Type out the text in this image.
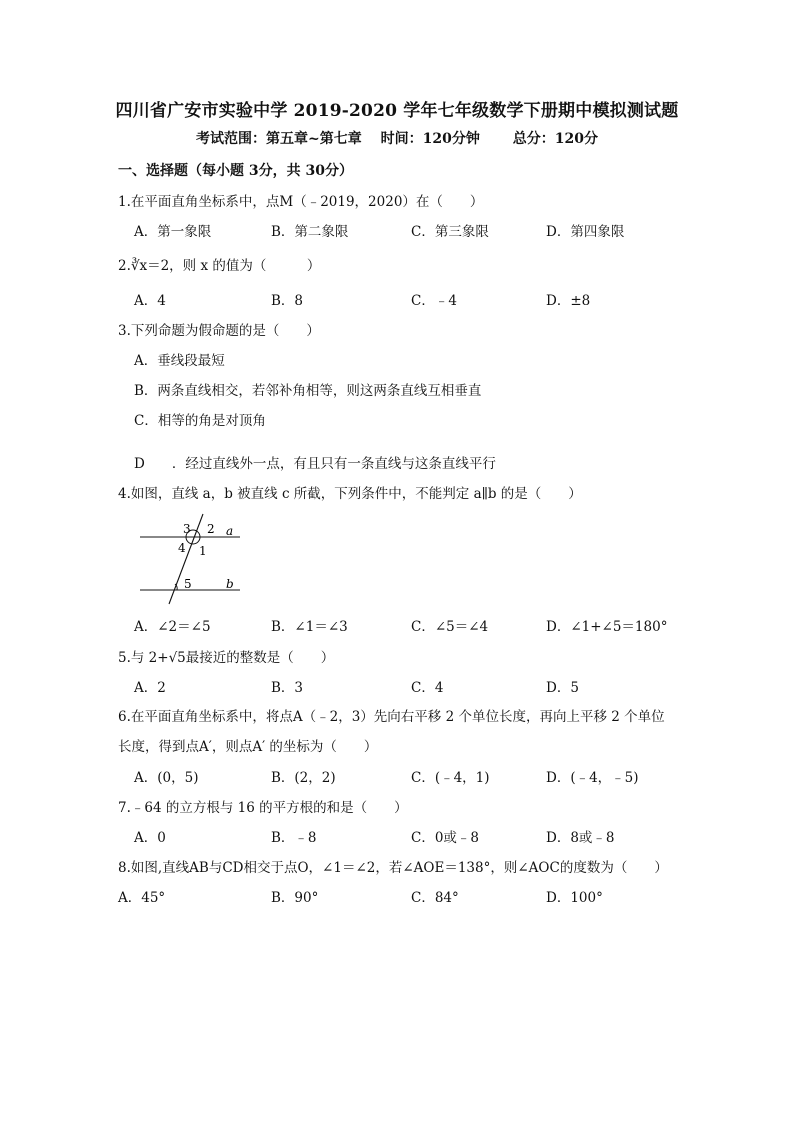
四川省广安市实验中学 2019-2020 学年七年级数学下册期中模拟测试题
考试范围：第五章~第七章　 时间：120分钟　　 总分：120分
一、选择题（每小题 3分，共 30分）
1.在平面直角坐标系中，点M（﹣2019，2020）在（　　）
A．第一象限	B．第二象限	C．第三象限	D．第四象限
2.∛x＝2，则 x 的值为（　　　）
A．4	B．8	C．﹣4	D．±8
3.下列命题为假命题的是（　　）
A．垂线段最短
B．两条直线相交，若邻补角相等，则这两条直线互相垂直
C．相等的角是对顶角
D　　．经过直线外一点，有且只有一条直线与这条直线平行
4.如图，直线 a，b 被直线 c 所截，下列条件中，不能判定 a∥b 的是（　　）
3 2 a
4 1
5	b
A．∠2＝∠5	B．∠1＝∠3	C．∠5＝∠4	D．∠1+∠5＝180°
5.与 2+√5最接近的整数是（　　）
A．2	B．3	C．4	D．5
6.在平面直角坐标系中，将点A（﹣2，3）先向右平移 2 个单位长度，再向上平移 2 个单位
长度，得到点A′，则点A′ 的坐标为（　　）
A．(0，5)	B．(2，2)	C．(﹣4，1)	D．(﹣4，﹣5)
7.﹣64 的立方根与 16 的平方根的和是（　　）
A．0	B．﹣8	C．0或﹣8	D．8或﹣8
8.如图,直线AB与CD相交于点O，∠1＝∠2，若∠AOE＝138°，则∠AOC的度数为（　　）
A．45°	B．90°	C．84°	D．100°
